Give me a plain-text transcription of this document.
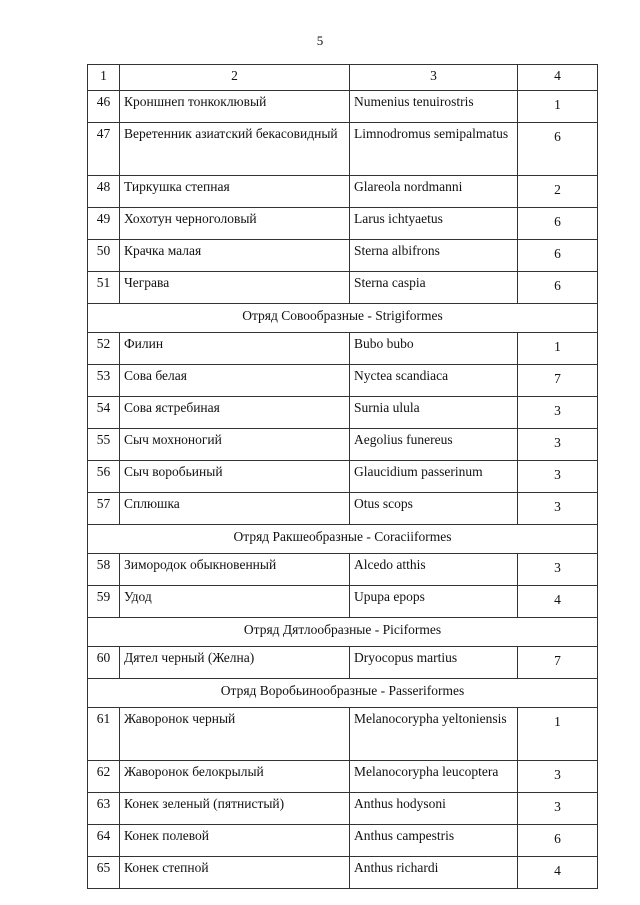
5
1	2	3	4
46	Кроншнеп тонкоклювый	Numenius tenuirostris	1
47	Веретенник азиатский бекасовидный	Limnodromus semipalmatus	6
48	Тиркушка степная	Glareola nordmanni	2
49	Хохотун черноголовый	Larus ichtyaetus	6
50	Крачка малая	Sterna albifrons	6
51	Чеграва	Sterna caspia	6
Отряд Совообразные - Strigiformes			
52	Филин	Bubo bubo	1
53	Сова белая	Nyctea scandiaca	7
54	Сова ястребиная	Surnia ulula	3
55	Сыч мохноногий	Aegolius funereus	3
56	Сыч воробьиный	Glaucidium passerinum	3
57	Сплюшка	Otus scops	3
Отряд Ракшеобразные - Coraciiformes			
58	Зимородок обыкновенный	Alcedo atthis	3
59	Удод	Upupa epops	4
Отряд Дятлообразные - Piciformes			
60	Дятел черный (Желна)	Dryocopus martius	7
Отряд Воробьинообразные - Passeriformes			
61	Жаворонок черный	Melanocorypha yeltoniensis	1
62	Жаворонок белокрылый	Melanocorypha leucoptera	3
63	Конек зеленый (пятнистый)	Anthus hodysoni	3
64	Конек полевой	Anthus campestris	6
65	Конек степной	Anthus richardi	4
